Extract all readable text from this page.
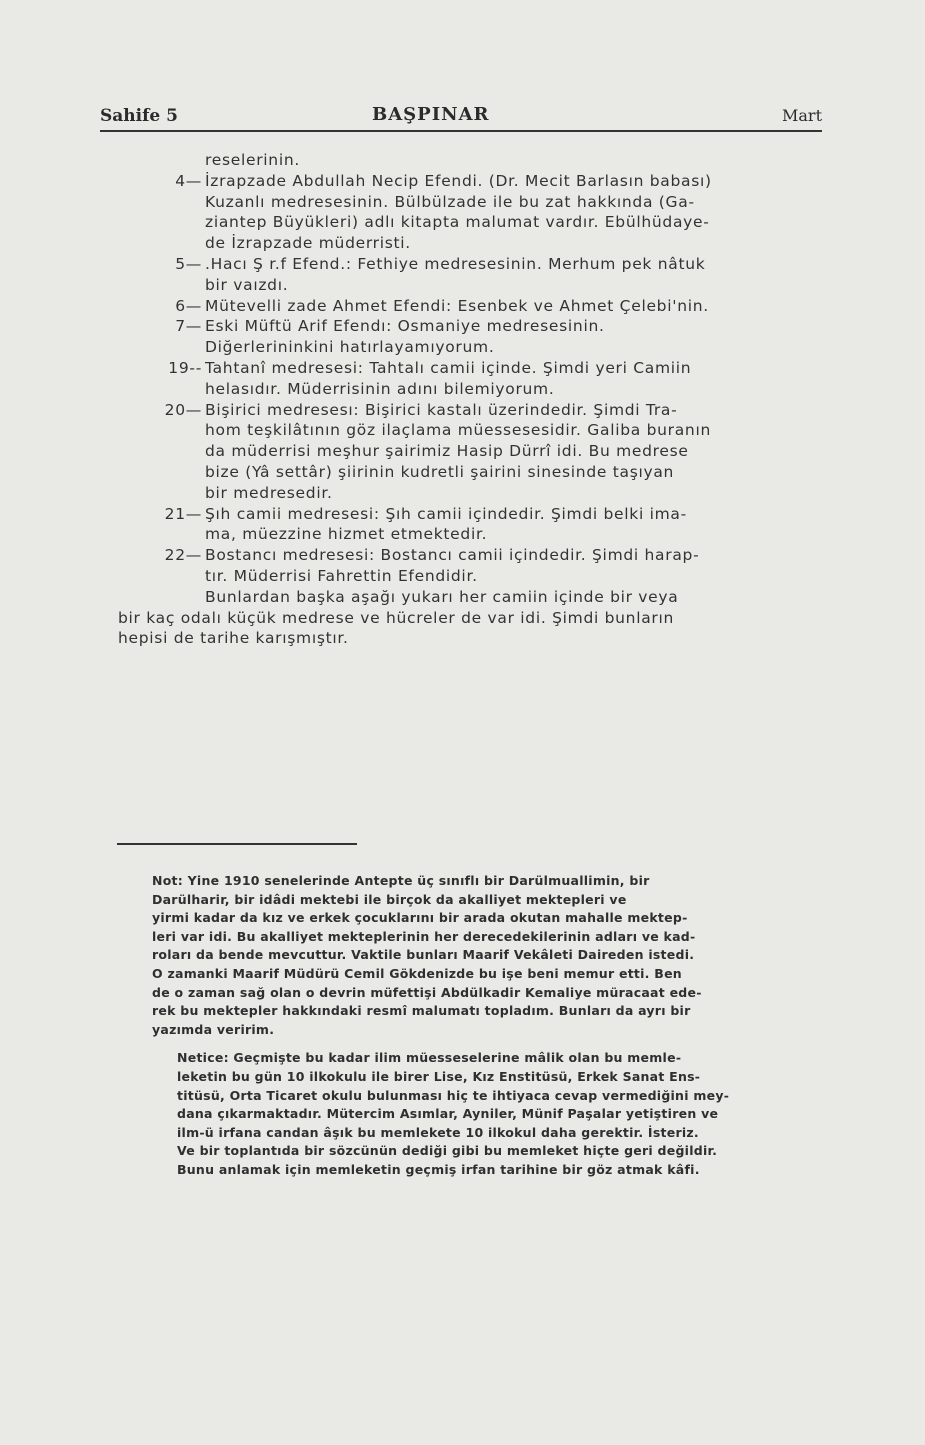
Sahife 5	BAŞPINAR	Mart
reselerinin.
4— İzrapzade Abdullah Necip Efendi. (Dr. Mecit Barlasın babası)
Kuzanlı medresesinin. Bülbülzade ile bu zat hakkında (Ga-
ziantep Büyükleri) adlı kitapta malumat vardır. Ebülhüdaye-
de İzrapzade müderristi.
5— .Hacı Ş r.f Efend.: Fethiye medresesinin. Merhum pek nâtuk
bir vaızdı.
6— Mütevelli zade Ahmet Efendi: Esenbek ve Ahmet Çelebi'nin.
7— Eski Müftü Arif Efendı: Osmaniye medresesinin.
Diğerlerininkini hatırlayamıyorum.
19-- Tahtanî medresesi: Tahtalı camii içinde. Şimdi yeri Camiin
helasıdır. Müderrisinin adını bilemiyorum.
20— Bişirici medresesı: Bişirici kastalı üzerindedir. Şimdi Tra-
hom teşkilâtının göz ilaçlama müessesesidir. Galiba buranın
da müderrisi meşhur şairimiz Hasip Dürrî idi. Bu medrese
bize (Yâ settâr) şiirinin kudretli şairini sinesinde taşıyan
bir medresedir.
21— Şıh camii medresesi: Şıh camii içindedir. Şimdi belki ima-
ma, müezzine hizmet etmektedir.
22— Bostancı medresesi: Bostancı camii içindedir. Şimdi harap-
tır. Müderrisi Fahrettin Efendidir.
Bunlardan başka aşağı yukarı her camiin içinde bir veya
bir kaç odalı küçük medrese ve hücreler de var idi. Şimdi bunların
hepisi de tarihe karışmıştır.

Not: Yine 1910 senelerinde Antepte üç sınıflı bir Darülmuallimin, bir
Darülharir, bir idâdi mektebi ile birçok da akalliyet mektepleri ve
yirmi kadar da kız ve erkek çocuklarını bir arada okutan mahalle mektep-
leri var idi. Bu akalliyet mekteplerinin her derecedekilerinin adları ve kad-
roları da bende mevcuttur. Vaktile bunları Maarif Vekâleti Daireden istedi.
O zamanki Maarif Müdürü Cemil Gökdenizde bu işe beni memur etti. Ben
de o zaman sağ olan o devrin müfettişi Abdülkadir Kemaliye müracaat ede-
rek bu mektepler hakkındaki resmî malumatı topladım. Bunları da ayrı bir
yazımda veririm.

Netice: Geçmişte bu kadar ilim müesseselerine mâlik olan bu memle-
leketin bu gün 10 ilkokulu ile birer Lise, Kız Enstitüsü, Erkek Sanat Ens-
titüsü, Orta Ticaret okulu bulunması hiç te ihtiyaca cevap vermediğini mey-
dana çıkarmaktadır. Mütercim Asımlar, Ayniler, Münif Paşalar yetiştiren ve
ilm-ü irfana candan âşık bu memlekete 10 ilkokul daha gerektir. İsteriz.
Ve bir toplantıda bir sözcünün dediği gibi bu memleket hiçte geri değildir.
Bunu anlamak için memleketin geçmiş irfan tarihine bir göz atmak kâfi.
